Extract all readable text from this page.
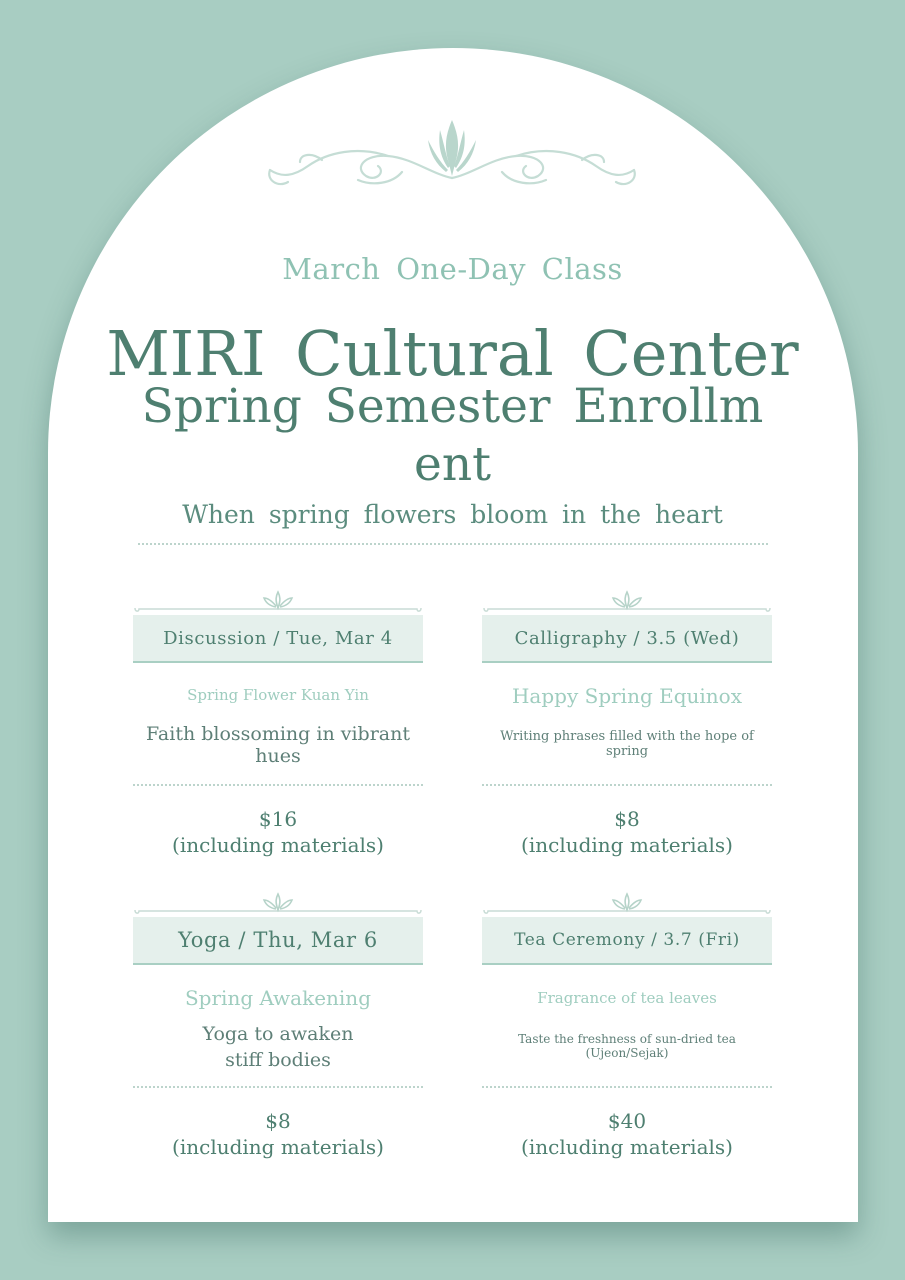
March One-Day Class
MIRI Cultural Center
Spring Semester Enrollment
When spring flowers bloom in the heart
Discussion / Tue, Mar 4
Spring Flower Kuan Yin
Faith blossoming in vibrant hues
$16
(including materials)
Calligraphy / 3.5 (Wed)
Happy Spring Equinox
Writing phrases filled with the hope of spring
$8
(including materials)
Yoga / Thu, Mar 6
Spring Awakening
Yoga to awaken
stiff bodies
$8
(including materials)
Tea Ceremony / 3.7 (Fri)
Fragrance of tea leaves
Taste the freshness of sun-dried tea (Ujeon/Sejak)
$40
(including materials)
